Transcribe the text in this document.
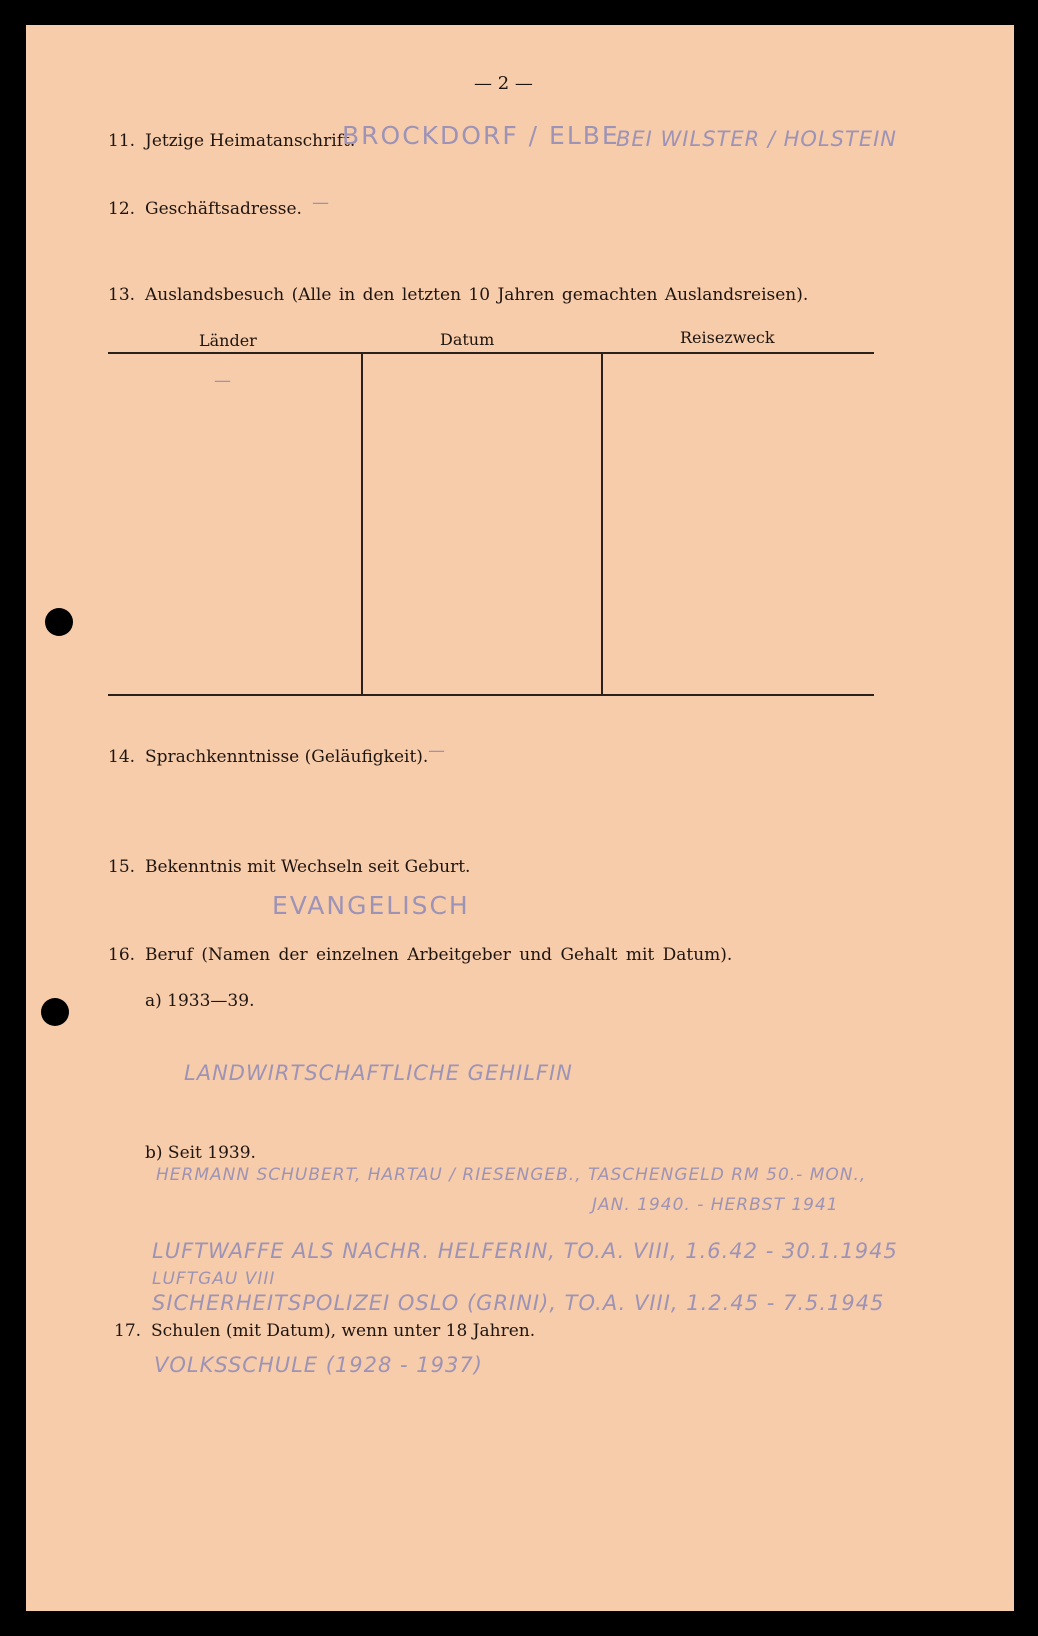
— 2 —
11. Jetzige Heimatanschrift.
BROCKDORF / ELBE
BEI WILSTER / HOLSTEIN
12. Geschäftsadresse. —
13. Auslandsbesuch (Alle in den letzten 10 Jahren gemachten Auslandsreisen).
Länder	Datum	Reisezweck
—
14. Sprachkenntnisse (Geläufigkeit). —
15. Bekenntnis mit Wechseln seit Geburt.
EVANGELISCH
16. Beruf (Namen der einzelnen Arbeitgeber und Gehalt mit Datum).
a) 1933—39.
LANDWIRTSCHAFTLICHE GEHILFIN
b) Seit 1939.
HERMANN SCHUBERT, HARTAU / RIESENGEB., TASCHENGELD RM 50.- MON.,
JAN. 1940. - HERBST 1941
LUFTWAFFE ALS NACHR. HELFERIN, TO.A. VIII, 1.6.42 - 30.1.1945
LUFTGAU VIII
SICHERHEITSPOLIZEI OSLO (GRINI), TO.A. VIII, 1.2.45 - 7.5.1945
17. Schulen (mit Datum), wenn unter 18 Jahren.
VOLKSSCHULE (1928 - 1937)
